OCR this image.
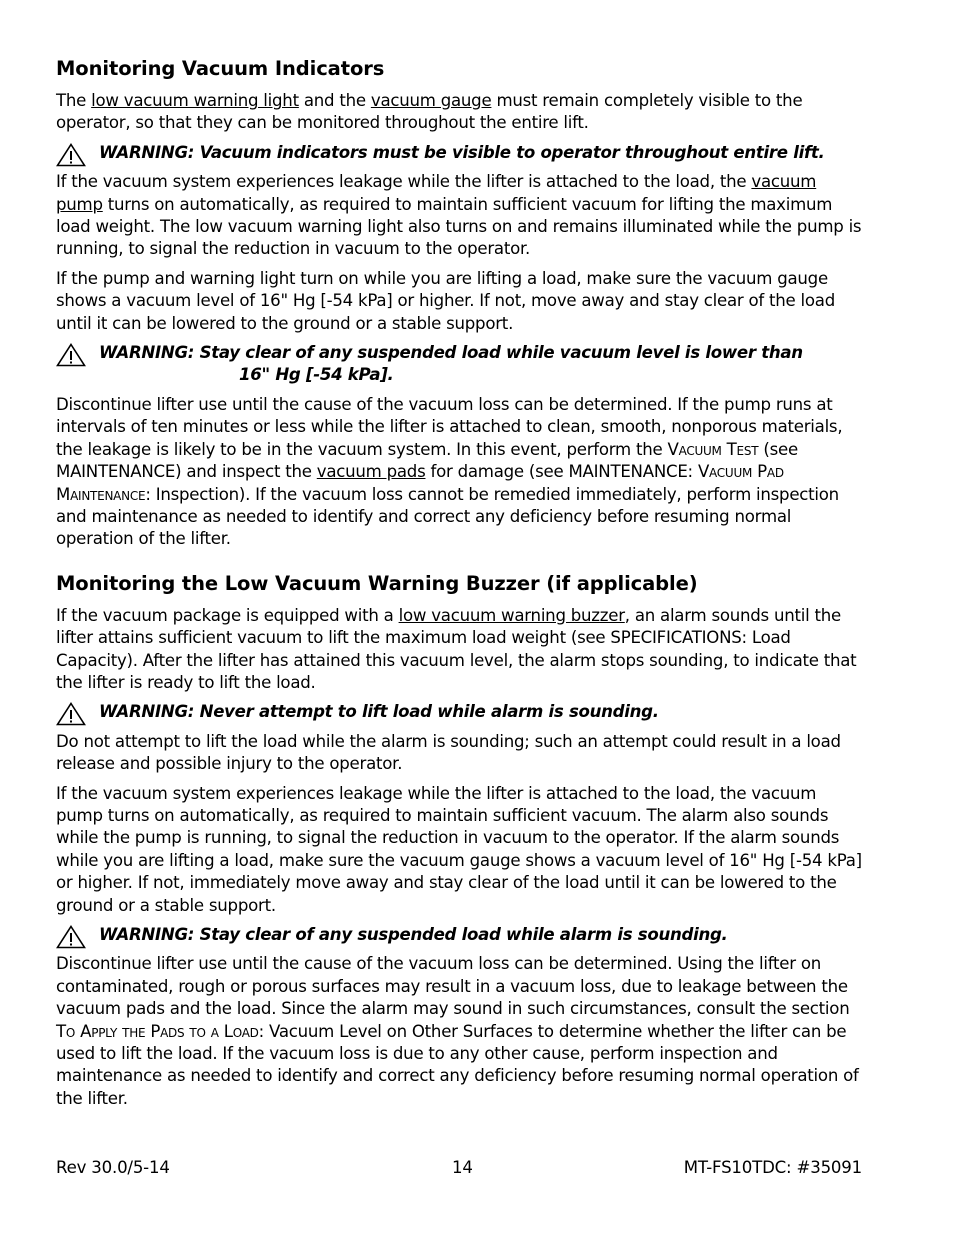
Monitoring Vacuum Indicators

The low vacuum warning light and the vacuum gauge must remain completely visible to the operator, so that they can be monitored throughout the entire lift.

WARNING: Vacuum indicators must be visible to operator throughout entire lift.

If the vacuum system experiences leakage while the lifter is attached to the load, the vacuum pump turns on automatically, as required to maintain sufficient vacuum for lifting the maximum load weight. The low vacuum warning light also turns on and remains illuminated while the pump is running, to signal the reduction in vacuum to the operator.

If the pump and warning light turn on while you are lifting a load, make sure the vacuum gauge shows a vacuum level of 16" Hg [-54 kPa] or higher. If not, move away and stay clear of the load until it can be lowered to the ground or a stable support.

WARNING: Stay clear of any suspended load while vacuum level is lower than
16" Hg [-54 kPa].

Discontinue lifter use until the cause of the vacuum loss can be determined. If the pump runs at intervals of ten minutes or less while the lifter is attached to clean, smooth, nonporous materials, the leakage is likely to be in the vacuum system. In this event, perform the Vacuum Test (see MAINTENANCE) and inspect the vacuum pads for damage (see MAINTENANCE: Vacuum Pad Maintenance: Inspection). If the vacuum loss cannot be remedied immediately, perform inspection and maintenance as needed to identify and correct any deficiency before resuming normal operation of the lifter.

Monitoring the Low Vacuum Warning Buzzer (if applicable)

If the vacuum package is equipped with a low vacuum warning buzzer, an alarm sounds until the lifter attains sufficient vacuum to lift the maximum load weight (see SPECIFICATIONS: Load Capacity). After the lifter has attained this vacuum level, the alarm stops sounding, to indicate that the lifter is ready to lift the load.

WARNING: Never attempt to lift load while alarm is sounding.

Do not attempt to lift the load while the alarm is sounding; such an attempt could result in a load release and possible injury to the operator.

If the vacuum system experiences leakage while the lifter is attached to the load, the vacuum pump turns on automatically, as required to maintain sufficient vacuum. The alarm also sounds while the pump is running, to signal the reduction in vacuum to the operator. If the alarm sounds while you are lifting a load, make sure the vacuum gauge shows a vacuum level of 16" Hg [-54 kPa] or higher. If not, immediately move away and stay clear of the load until it can be lowered to the ground or a stable support.

WARNING: Stay clear of any suspended load while alarm is sounding.

Discontinue lifter use until the cause of the vacuum loss can be determined. Using the lifter on contaminated, rough or porous surfaces may result in a vacuum loss, due to leakage between the vacuum pads and the load. Since the alarm may sound in such circumstances, consult the section To Apply the Pads to a Load: Vacuum Level on Other Surfaces to determine whether the lifter can be used to lift the load. If the vacuum loss is due to any other cause, perform inspection and maintenance as needed to identify and correct any deficiency before resuming normal operation of the lifter.

Rev 30.0/5-14	14	MT-FS10TDC: #35091
